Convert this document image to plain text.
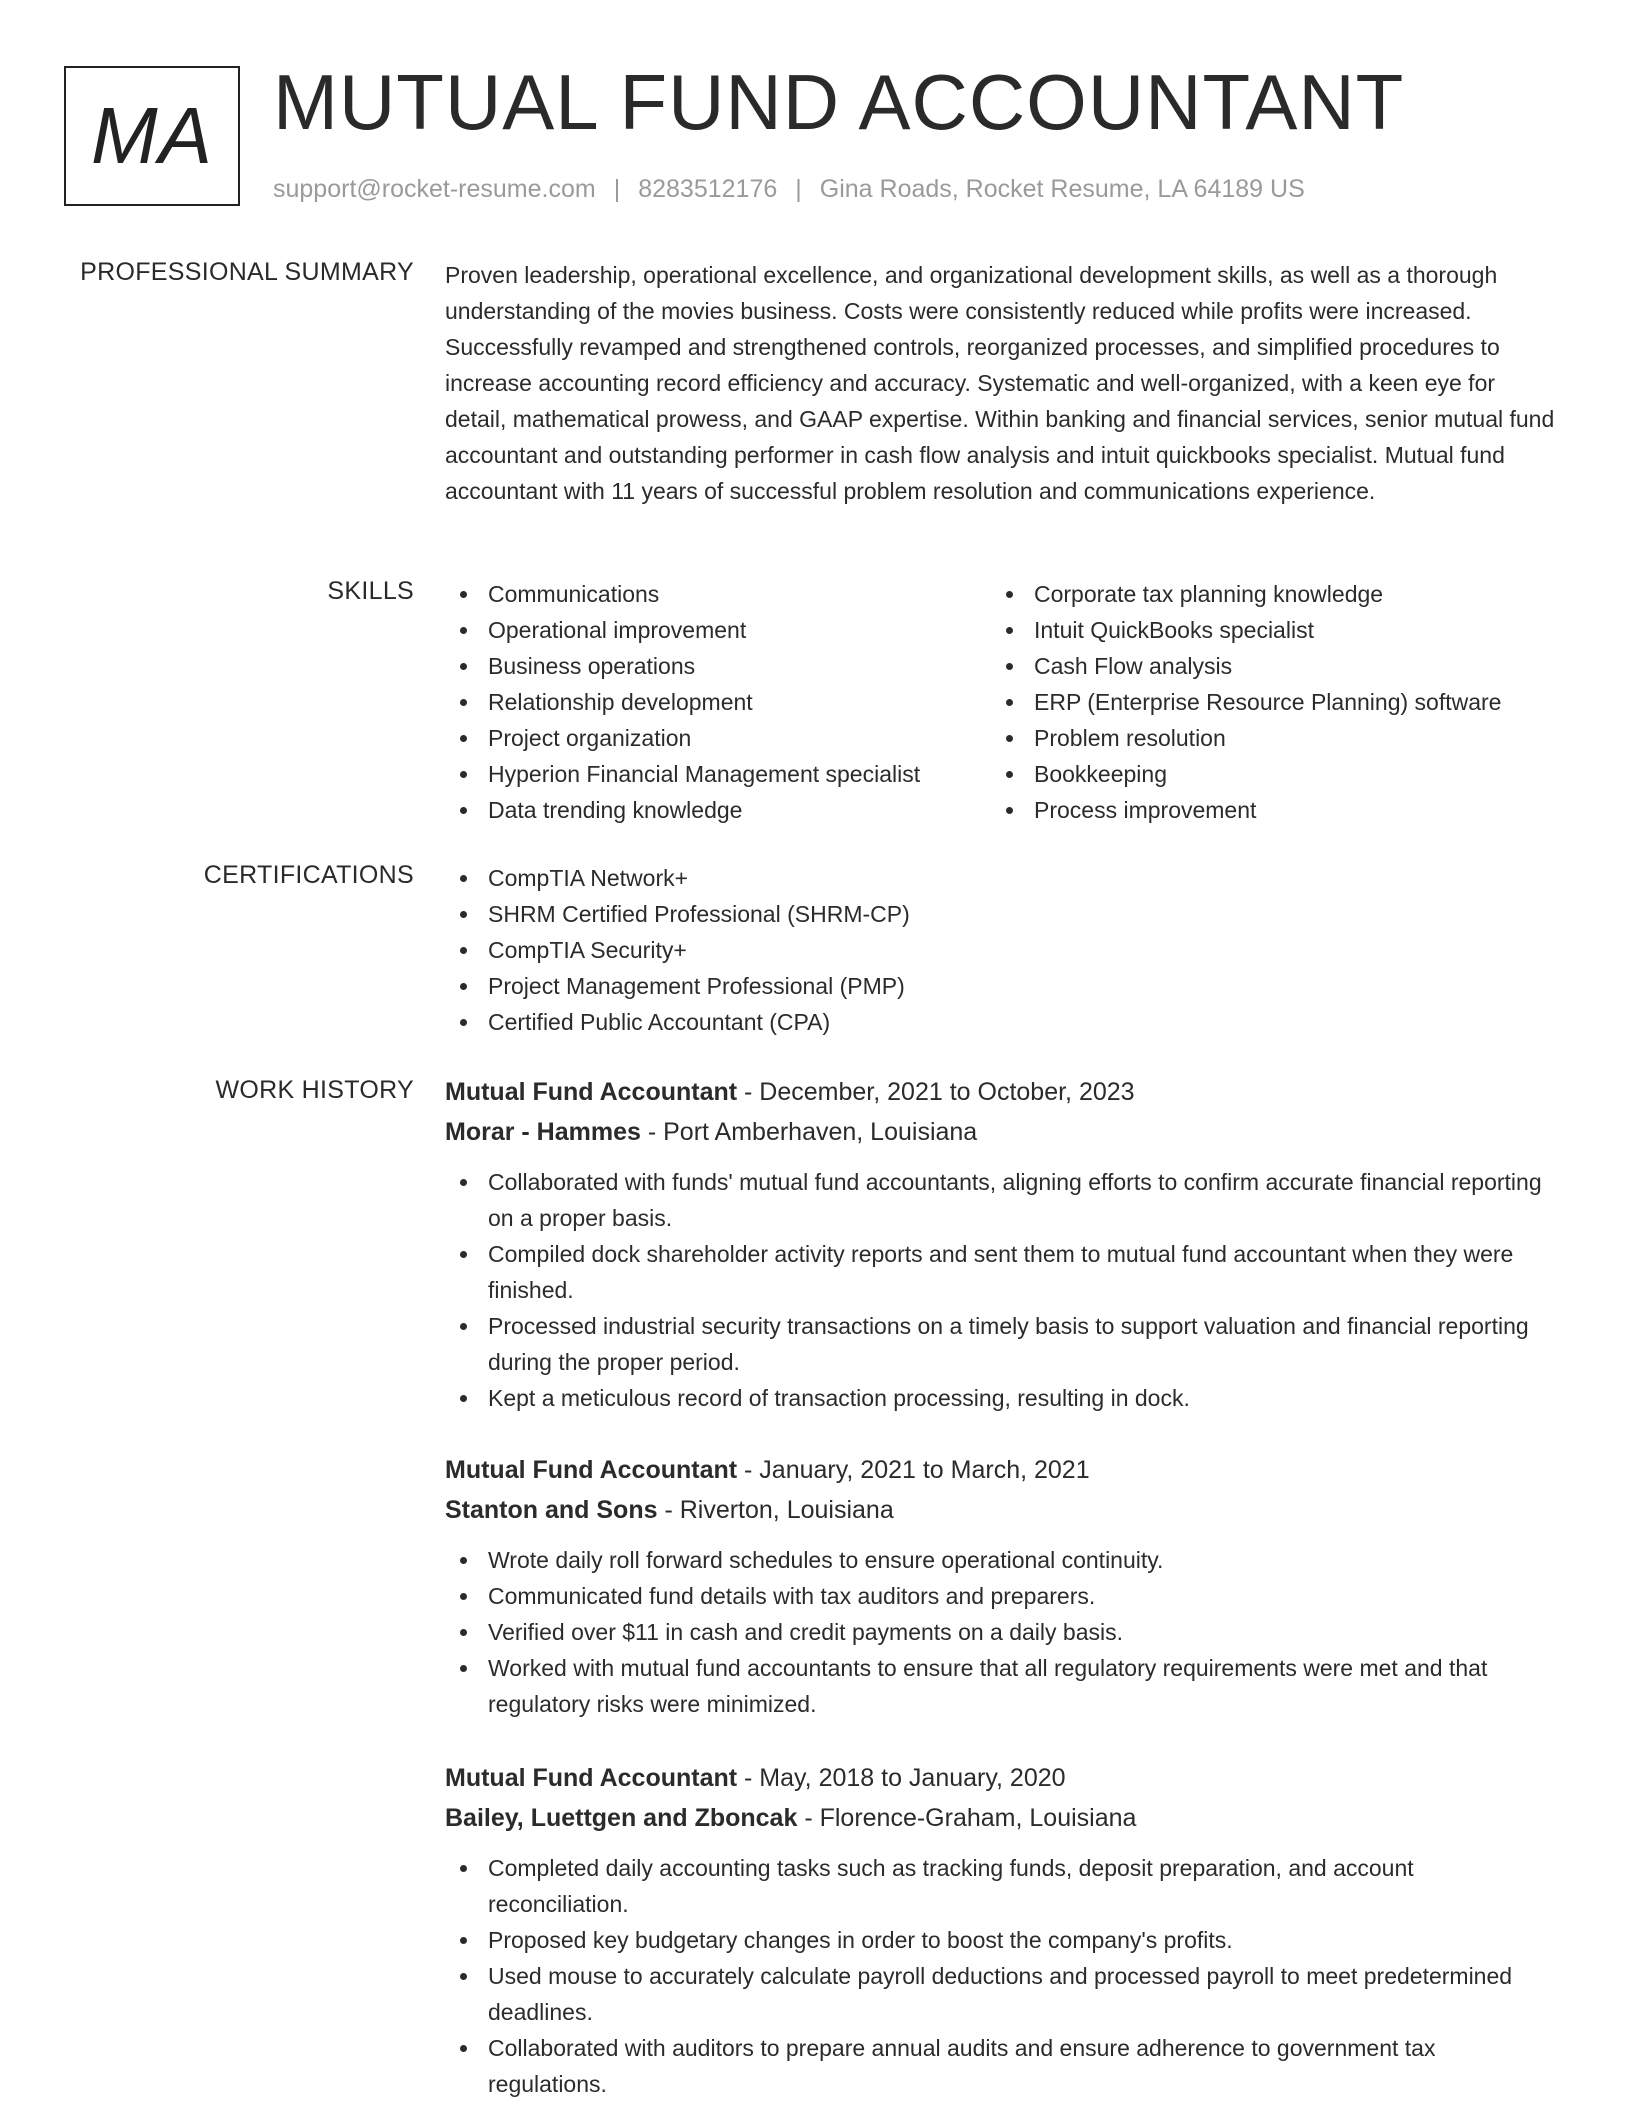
MA MUTUAL FUND ACCOUNTANT
support@rocket-resume.com | 8283512176 | Gina Roads, Rocket Resume, LA 64189 US
PROFESSIONAL SUMMARY Proven leadership, operational excellence, and organizational development skills, as well as a thorough understanding of the movies business. Costs were consistently reduced while profits were increased. Successfully revamped and strengthened controls, reorganized processes, and simplified procedures to increase accounting record efficiency and accuracy. Systematic and well-organized, with a keen eye for detail, mathematical prowess, and GAAP expertise. Within banking and financial services, senior mutual fund accountant and outstanding performer in cash flow analysis and intuit quickbooks specialist. Mutual fund accountant with 11 years of successful problem resolution and communications experience.

SKILLS	Communications
Operational improvement
Business operations
Relationship development
Project organization
Hyperion Financial Management specialist
Data trending knowledge
Corporate tax planning knowledge
Intuit QuickBooks specialist
Cash Flow analysis
ERP (Enterprise Resource Planning) software
Problem resolution
Bookkeeping
Process improvement
CERTIFICATIONS	CompTIA Network+
SHRM Certified Professional (SHRM-CP)
CompTIA Security+
Project Management Professional (PMP)
Certified Public Accountant (CPA)
WORK HISTORY Mutual Fund Accountant - December, 2021 to October, 2023
Morar - Hammes - Port Amberhaven, Louisiana
Collaborated with funds' mutual fund accountants, aligning efforts to confirm accurate financial reporting on a proper basis.
Compiled dock shareholder activity reports and sent them to mutual fund accountant when they were finished.
Processed industrial security transactions on a timely basis to support valuation and financial reporting during the proper period.
Kept a meticulous record of transaction processing, resulting in dock.
Mutual Fund Accountant - January, 2021 to March, 2021
Stanton and Sons - Riverton, Louisiana
Wrote daily roll forward schedules to ensure operational continuity.
Communicated fund details with tax auditors and preparers.
Verified over $11 in cash and credit payments on a daily basis.
Worked with mutual fund accountants to ensure that all regulatory requirements were met and that regulatory risks were minimized.
Mutual Fund Accountant - May, 2018 to January, 2020
Bailey, Luettgen and Zboncak - Florence-Graham, Louisiana
Completed daily accounting tasks such as tracking funds, deposit preparation, and account reconciliation.
Proposed key budgetary changes in order to boost the company's profits.
Used mouse to accurately calculate payroll deductions and processed payroll to meet predetermined deadlines.
Collaborated with auditors to prepare annual audits and ensure adherence to government tax regulations.
